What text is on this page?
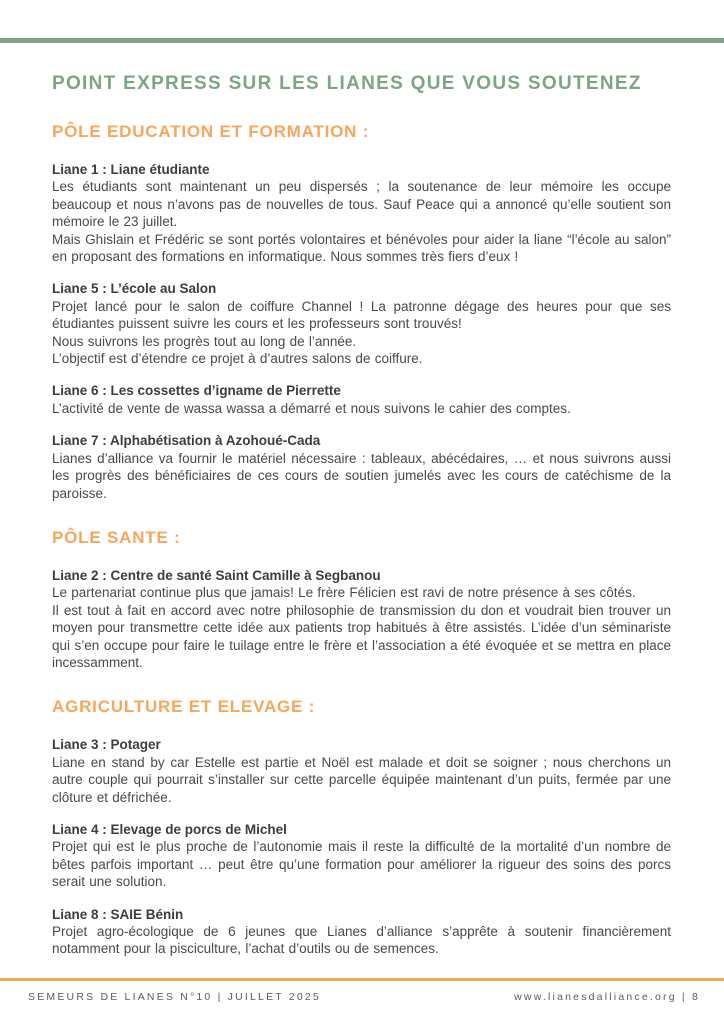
POINT EXPRESS SUR LES LIANES QUE VOUS SOUTENEZ
PÔLE EDUCATION ET FORMATION :
Liane 1 : Liane étudiante

Les étudiants sont maintenant un peu dispersés ; la soutenance de leur mémoire les occupe beaucoup et nous n’avons pas de nouvelles de tous. Sauf Peace qui a annoncé qu’elle soutient son mémoire le 23 juillet.

Mais Ghislain et Frédéric se sont portés volontaires et bénévoles pour aider la liane “l’école au salon” en proposant des formations en informatique. Nous sommes très fiers d’eux !

Liane 5 : L’école au Salon

Projet lancé pour le salon de coiffure Channel ! La patronne dégage des heures pour que ses étudiantes puissent suivre les cours et les professeurs sont trouvés!

Nous suivrons les progrès tout au long de l’année.

L’objectif est d’étendre ce projet à d’autres salons de coiffure.

Liane 6 : Les cossettes d’igname de Pierrette

L’activité de vente de wassa wassa a démarré et nous suivons le cahier des comptes.

Liane 7 : Alphabétisation à Azohoué-Cada

Lianes d’alliance va fournir le matériel nécessaire : tableaux, abécédaires, … et nous suivrons aussi les progrès des bénéficiaires de ces cours de soutien jumelés avec les cours de catéchisme de la paroisse.

PÔLE SANTE :
Liane 2 : Centre de santé Saint Camille à Segbanou

Le partenariat continue plus que jamais! Le frère Félicien est ravi de notre présence à ses côtés.

Il est tout à fait en accord avec notre philosophie de transmission du don et voudrait bien trouver un moyen pour transmettre cette idée aux patients trop habitués à être assistés. L’idée d’un séminariste qui s’en occupe pour faire le tuilage entre le frère et l’association a été évoquée et se mettra en place incessamment.

AGRICULTURE ET ELEVAGE :
Liane 3 : Potager

Liane en stand by car Estelle est partie et Noël est malade et doit se soigner ; nous cherchons un autre couple qui pourrait s’installer sur cette parcelle équipée maintenant d’un puits, fermée par une clôture et défrichée.

Liane 4 : Elevage de porcs de Michel

Projet qui est le plus proche de l’autonomie mais il reste la difficulté de la mortalité d’un nombre de bêtes parfois important … peut être qu’une formation pour améliorer la rigueur des soins des porcs serait une solution.

Liane 8 : SAIE Bénin

Projet agro-écologique de 6 jeunes que Lianes d’alliance s’apprête à soutenir financièrement notamment pour la pisciculture, l’achat d’outils ou de semences.

SEMEURS DE LIANES N°10 | JUILLET 2025	www.lianesdalliance.org | 8
